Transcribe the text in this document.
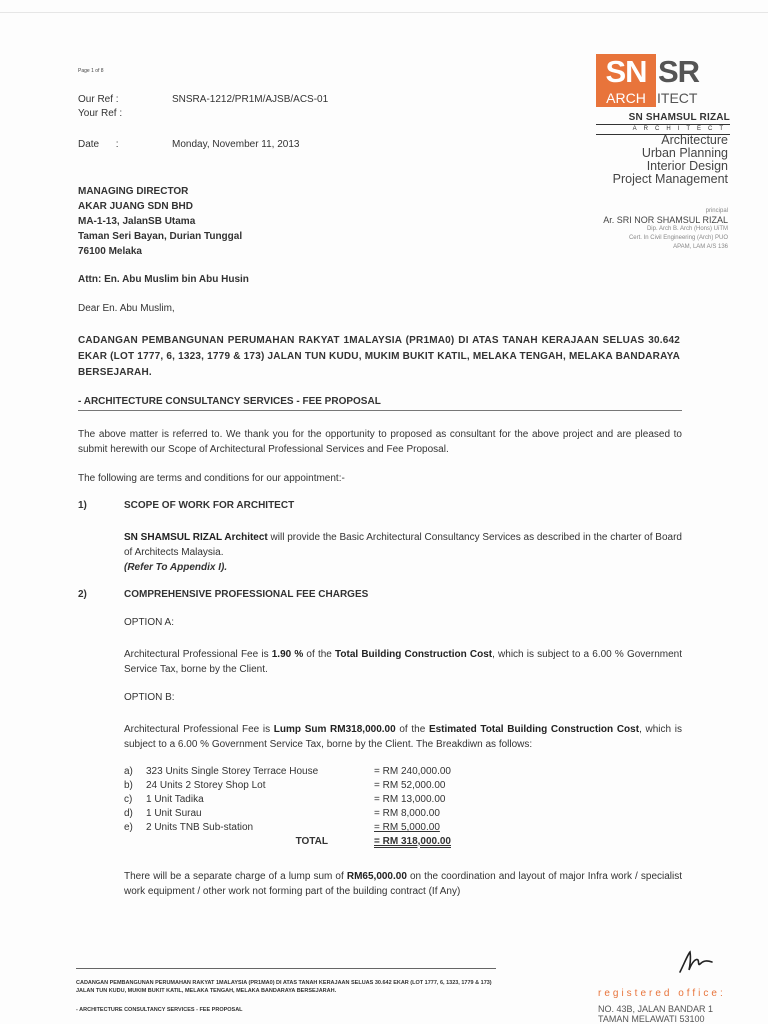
Page 1 of 8
Our Ref :	SNSRA-1212/PR1M/AJSB/ACS-01
Your Ref :
Date :	Monday, November 11, 2013
SN SR
ARCH ITECT
SN SHAMSUL RIZAL
ARCHITECT
Architecture
Urban Planning
Interior Design
Project Management
principal
Ar. SRI NOR SHAMSUL RIZAL
Dip. Arch B. Arch (Hons) UiTM
Cert. In Civil Engineering (Arch) PUO
APAM, LAM A/S 136
MANAGING DIRECTOR
AKAR JUANG SDN BHD
MA-1-13, JalanSB Utama
Taman Seri Bayan, Durian Tunggal
76100 Melaka
Attn: En. Abu Muslim bin Abu Husin
Dear En. Abu Muslim,
CADANGAN PEMBANGUNAN PERUMAHAN RAKYAT 1MALAYSIA (PR1MA0) DI ATAS TANAH KERAJAAN SELUAS 30.642 EKAR (LOT 1777, 6, 1323, 1779 & 173) JALAN TUN KUDU, MUKIM BUKIT KATIL, MELAKA TENGAH, MELAKA BANDARAYA BERSEJARAH.
- ARCHITECTURE CONSULTANCY SERVICES - FEE PROPOSAL
The above matter is referred to. We thank you for the opportunity to proposed as consultant for the above project and are pleased to submit herewith our Scope of Architectural Professional Services and Fee Proposal.
The following are terms and conditions for our appointment:-
1)	SCOPE OF WORK FOR ARCHITECT
SN SHAMSUL RIZAL Architect will provide the Basic Architectural Consultancy Services as described in the charter of Board of Architects Malaysia.
(Refer To Appendix I).
2)	COMPREHENSIVE PROFESSIONAL FEE CHARGES
OPTION A:
Architectural Professional Fee is 1.90 % of the Total Building Construction Cost, which is subject to a 6.00 % Government Service Tax, borne by the Client.
OPTION B:
Architectural Professional Fee is Lump Sum RM318,000.00 of the Estimated Total Building Construction Cost, which is subject to a 6.00 % Government Service Tax, borne by the Client. The Breakdiwn as follows:
a)	323 Units Single Storey Terrace House	= RM 240,000.00
b)	24 Units 2 Storey Shop Lot	= RM 52,000.00
c)	1 Unit Tadika	= RM 13,000.00
d)	1 Unit Surau	= RM 8,000.00
e)	2 Units TNB Sub-station	= RM 5,000.00
	TOTAL	= RM 318,000.00
There will be a separate charge of a lump sum of RM65,000.00 on the coordination and layout of major Infra work / specialist work equipment / other work not forming part of the building contract (If Any)
CADANGAN PEMBANGUNAN PERUMAHAN RAKYAT 1MALAYSIA (PR1MA0) DI ATAS TANAH KERAJAAN SELUAS 30.642 EKAR (LOT 1777, 6, 1323, 1779 & 173) JALAN TUN KUDU, MUKIM BUKIT KATIL, MELAKA TENGAH, MELAKA BANDARAYA BERSEJARAH.
- ARCHITECTURE CONSULTANCY SERVICES - FEE PROPOSAL
registered office:
NO. 43B, JALAN BANDAR 1
TAMAN MELAWATI 53100
